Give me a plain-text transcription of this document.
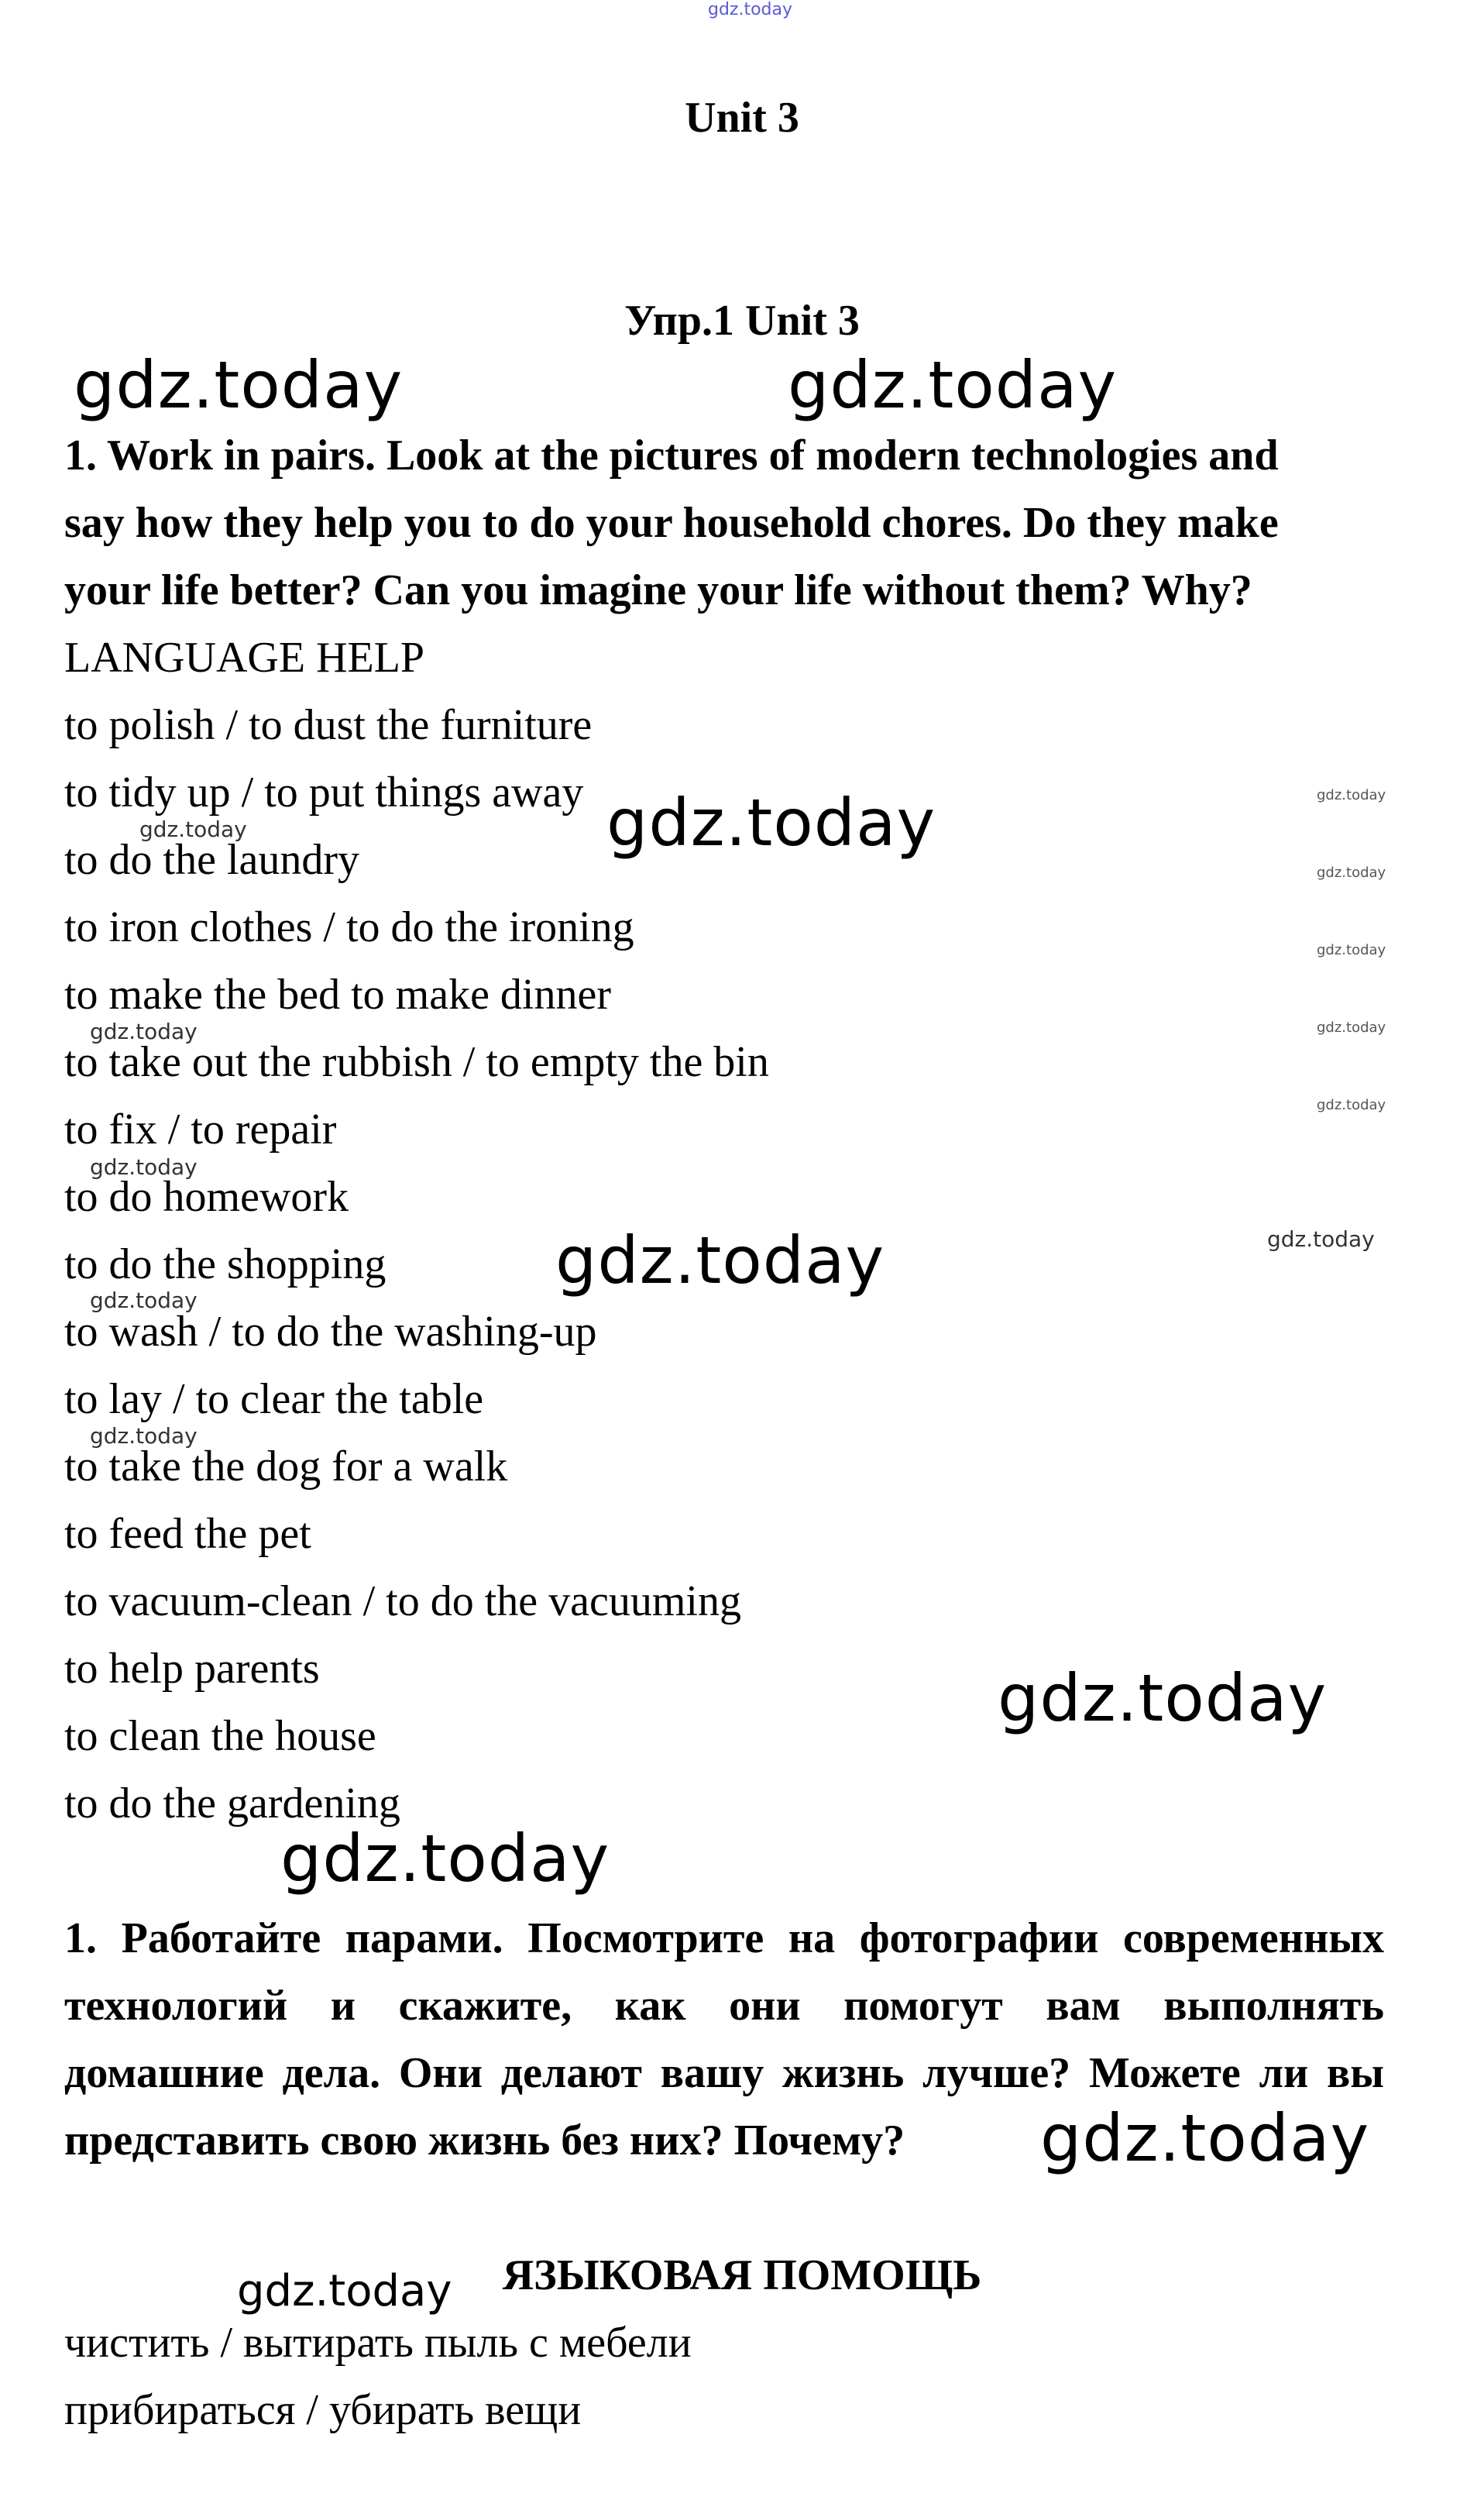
gdz.today
Unit 3
Упр.1 Unit 3
1. Work in pairs. Look at the pictures of modern technologies and
say how they help you to do your household chores. Do they make
your life better? Can you imagine your life without them? Why?
LANGUAGE HELP
to polish / to dust the furniture
to tidy up / to put things away
to do the laundry
to iron clothes / to do the ironing
to make the bed to make dinner
to take out the rubbish / to empty the bin
to fix / to repair
to do homework
to do the shopping
to wash / to do the washing-up
to lay / to clear the table
to take the dog for a walk
to feed the pet
to vacuum-clean / to do the vacuuming
to help parents
to clean the house
to do the gardening
1. Работайте парами. Посмотрите на фотографии современных
технологий и скажите, как они помогут вам выполнять
домашние дела. Они делают вашу жизнь лучше? Можете ли вы
представить свою жизнь без них? Почему?
ЯЗЫКОВАЯ ПОМОЩЬ
чистить / вытирать пыль с мебели
прибираться / убирать вещи
gdz.today	gdz.today
gdz.today
gdz.today
gdz.today
gdz.today
gdz.today
gdz.today
gdz.today
gdz.today
gdz.today
gdz.today
gdz.today
gdz.today
gdz.today
gdz.today
gdz.today
gdz.today
gdz.today
